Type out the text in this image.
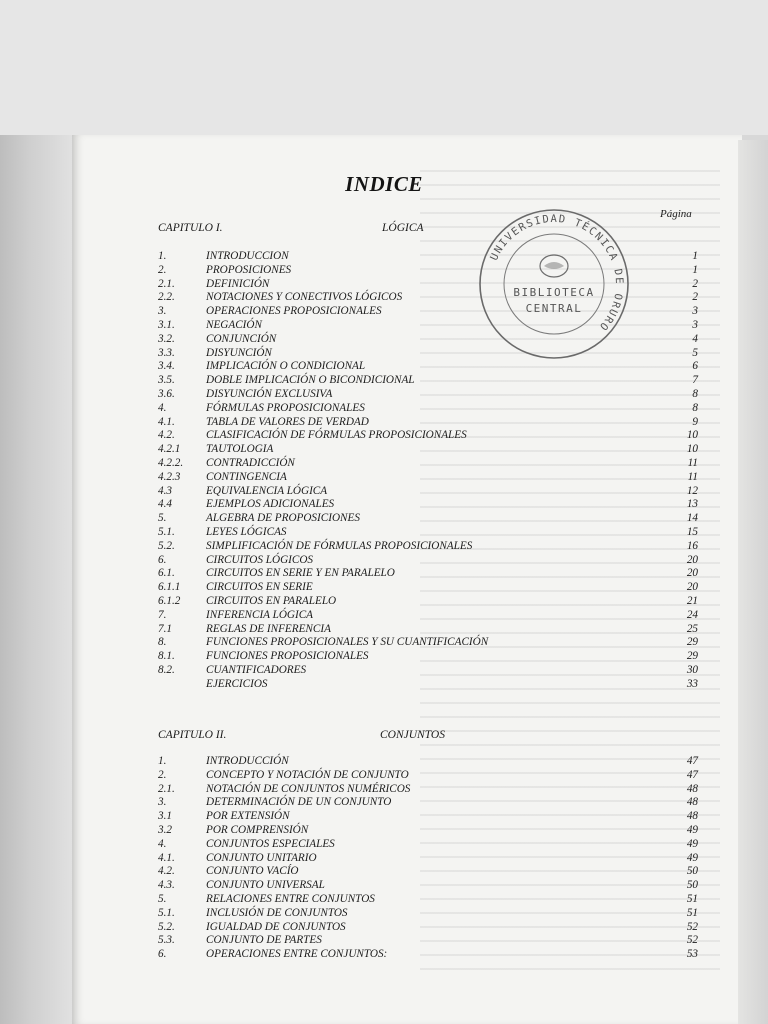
INDICE
Página
UNIVERSIDAD TÉCNICA DE ORURO
BIBLIOTECA
CENTRAL
CAPITULO I.	LÓGICA
1.	INTRODUCCION	1
2.	PROPOSICIONES	1
2.1.	DEFINICIÓN	2
2.2.	NOTACIONES Y CONECTIVOS LÓGICOS	2
3.	OPERACIONES PROPOSICIONALES	3
3.1.	NEGACIÓN	3
3.2.	CONJUNCIÓN	4
3.3.	DISYUNCIÓN	5
3.4.	IMPLICACIÓN O CONDICIONAL	6
3.5.	DOBLE IMPLICACIÓN O BICONDICIONAL	7
3.6.	DISYUNCIÓN EXCLUSIVA	8
4.	FÓRMULAS PROPOSICIONALES	8
4.1.	TABLA DE VALORES DE VERDAD	9
4.2.	CLASIFICACIÓN DE FÓRMULAS PROPOSICIONALES	10
4.2.1 TAUTOLOGIA	10
4.2.2. CONTRADICCIÓN	11
4.2.3 CONTINGENCIA	11
4.3	EQUIVALENCIA LÓGICA	12
4.4	EJEMPLOS ADICIONALES	13
5.	ALGEBRA DE PROPOSICIONES	14
5.1.	LEYES LÓGICAS	15
5.2.	SIMPLIFICACIÓN DE FÓRMULAS PROPOSICIONALES	16
6.	CIRCUITOS LÓGICOS	20
6.1.	CIRCUITOS EN SERIE Y EN PARALELO	20
6.1.1 CIRCUITOS EN SERIE	20
6.1.2 CIRCUITOS EN PARALELO	21
7.	INFERENCIA LÓGICA	24
7.1	REGLAS DE INFERENCIA	25
8.	FUNCIONES PROPOSICIONALES Y SU CUANTIFICACIÓN	29
8.1.	FUNCIONES PROPOSICIONALES	29
8.2.	CUANTIFICADORES	30
EJERCICIOS	33
CAPITULO II.	CONJUNTOS
1.	INTRODUCCIÓN	47
2.	CONCEPTO Y NOTACIÓN DE CONJUNTO	47
2.1.	NOTACIÓN DE CONJUNTOS NUMÉRICOS	48
3.	DETERMINACIÓN DE UN CONJUNTO	48
3.1	POR EXTENSIÓN	48
3.2	POR COMPRENSIÓN	49
4.	CONJUNTOS ESPECIALES	49
4.1.	CONJUNTO UNITARIO	49
4.2.	CONJUNTO VACÍO	50
4.3.	CONJUNTO UNIVERSAL	50
5.	RELACIONES ENTRE CONJUNTOS	51
5.1.	INCLUSIÓN DE CONJUNTOS	51
5.2.	IGUALDAD DE CONJUNTOS	52
5.3.	CONJUNTO DE PARTES	52
6.	OPERACIONES ENTRE CONJUNTOS:	53
